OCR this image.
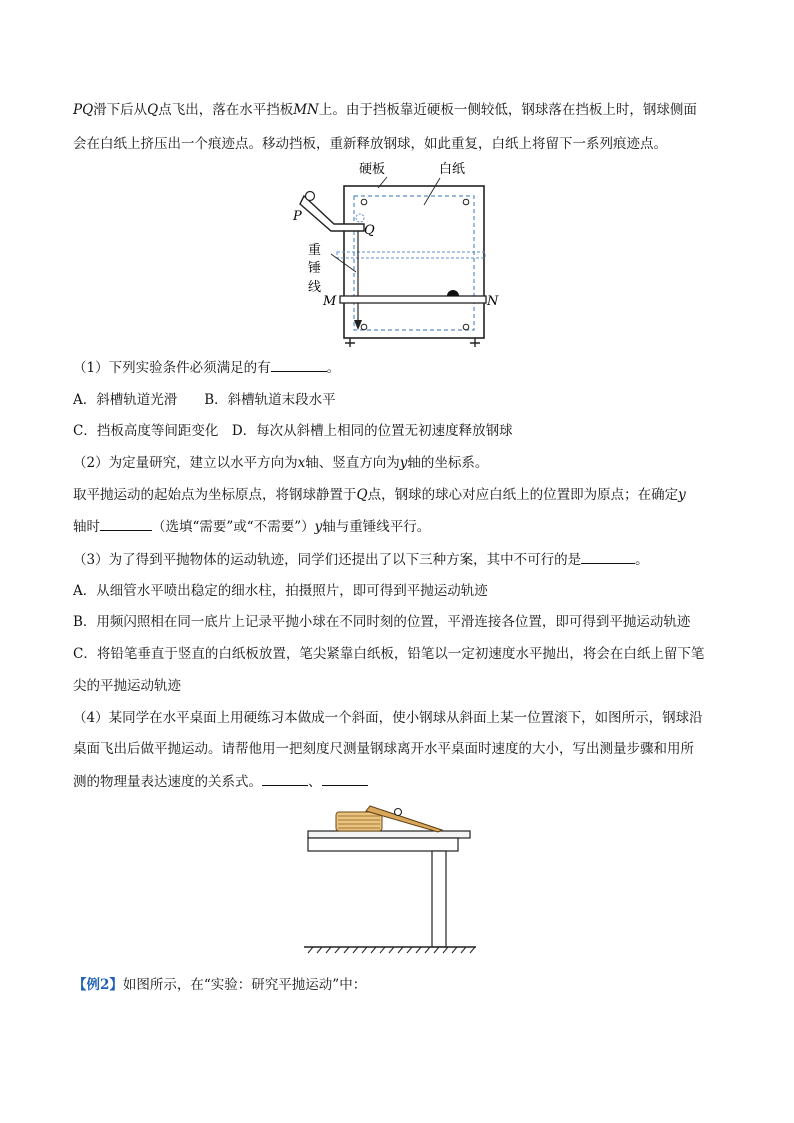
PQ滑下后从Q点飞出，落在水平挡板MN上。由于挡板靠近硬板一侧较低，钢球落在挡板上时，钢球侧面
会在白纸上挤压出一个痕迹点。移动挡板，重新释放钢球，如此重复，白纸上将留下一系列痕迹点。
硬板	白纸
P
Q
重
锤
线
M	N
（1）下列实验条件必须满足的有	。
A．斜槽轨道光滑　　B．斜槽轨道末段水平
C．挡板高度等间距变化　D．每次从斜槽上相同的位置无初速度释放钢球
（2）为定量研究，建立以水平方向为x轴、竖直方向为y轴的坐标系。
取平抛运动的起始点为坐标原点，将钢球静置于Q点，钢球的球心对应白纸上的位置即为原点；在确定y
轴时	（选填“需要”或“不需要”）y轴与重锤线平行。
（3）为了得到平抛物体的运动轨迹，同学们还提出了以下三种方案，其中不可行的是	。
A．从细管水平喷出稳定的细水柱，拍摄照片，即可得到平抛运动轨迹
B．用频闪照相在同一底片上记录平抛小球在不同时刻的位置，平滑连接各位置，即可得到平抛运动轨迹
C．将铅笔垂直于竖直的白纸板放置，笔尖紧靠白纸板，铅笔以一定初速度水平抛出，将会在白纸上留下笔
尖的平抛运动轨迹
（4）某同学在水平桌面上用硬练习本做成一个斜面，使小钢球从斜面上某一位置滚下，如图所示，钢球沿
桌面飞出后做平抛运动。请帮他用一把刻度尺测量钢球离开水平桌面时速度的大小，写出测量步骤和用所
测的物理量表达速度的关系式。	、
【例2】如图所示，在“实验：研究平抛运动”中：
